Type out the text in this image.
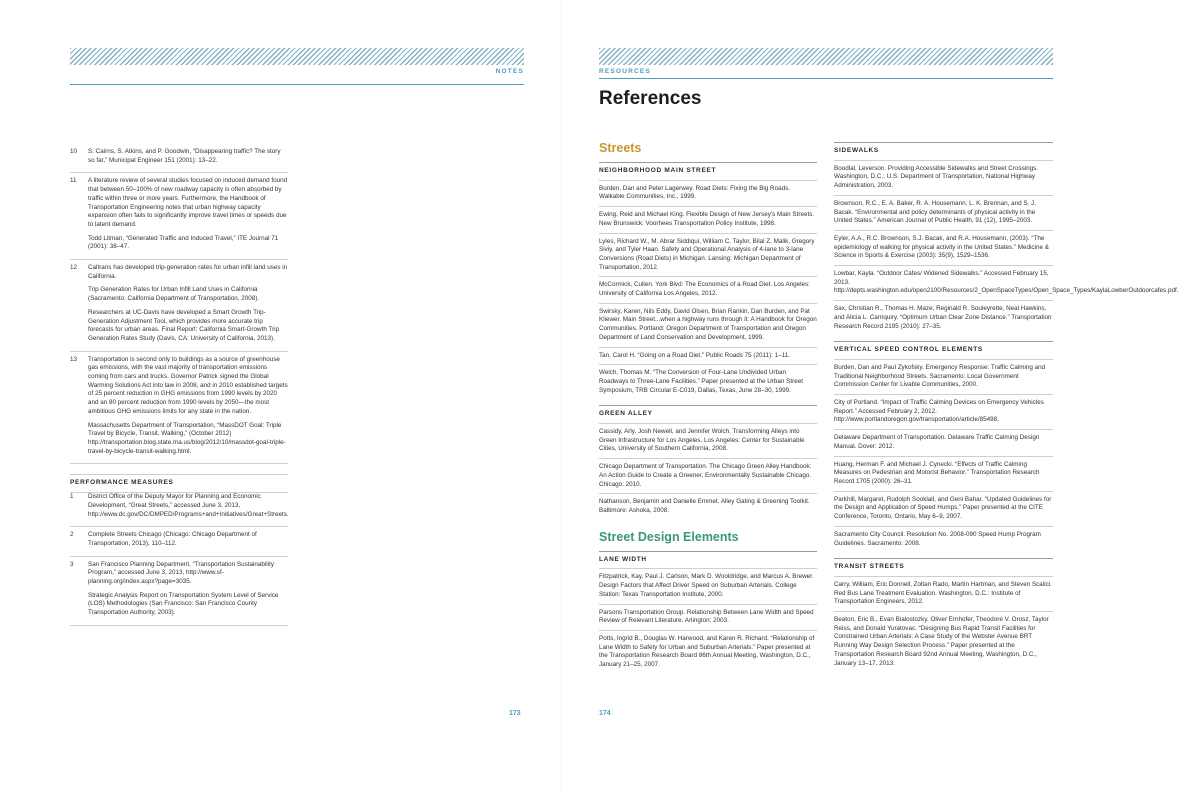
NOTES
10	S. Cairns, S. Atkins, and P. Goodwin, “Disappearing traffic? The story so far,” Municipal Engineer 151 (2001): 13–22.

11	A literature review of several studies focused on induced demand found that between 50–100% of new roadway capacity is often absorbed by traffic within three or more years. Furthermore, the Handbook of Transportation Engineering notes that urban highway capacity expansion often fails to significantly improve travel times or speeds due to latent demand.

Todd Litman, “Generated Traffic and Induced Travel,” ITE Journal 71 (2001): 38–47.

12	Caltrans has developed trip-generation rates for urban infill land uses in California.

Trip Generation Rates for Urban Infill Land Uses in California (Sacramento: California Department of Transportation, 2008).

Researchers at UC-Davis have developed a Smart Growth Trip-Generation Adjustment Tool, which provides more accurate trip forecasts for urban areas. Final Report: California Smart-Growth Trip Generation Rates Study (Davis, CA: University of California, 2013).

13	Transportation is second only to buildings as a source of greenhouse gas emissions, with the vast majority of transportation emissions coming from cars and trucks. Governor Patrick signed the Global Warming Solutions Act into law in 2008, and in 2010 established targets of 25 percent reduction in GHG emissions from 1990 levels by 2020 and an 80 percent reduction from 1990 levels by 2050—the most ambitious GHG emissions limits for any state in the nation.

Massachusetts Department of Transportation, “MassDOT Goal: Triple Travel by Bicycle, Transit, Walking,” (October 2012) http://transportation.blog.state.ma.us/blog/2012/10/massdot-goal-triple-travel-by-bicycle-transit-walking.html.

PERFORMANCE MEASURES
1	District Office of the Deputy Mayor for Planning and Economic Development, “Great Streets,” accessed June 3, 2013, http://www.dc.gov/DC/DMPED/Programs+and+Initiatives/Great+Streets.

2	Complete Streets Chicago (Chicago: Chicago Department of Transportation, 2013), 110–112.

3	San Francisco Planning Department, “Transportation Sustainability Program,” accessed June 3, 2013, http://www.sf-planning.org/index.aspx?page=3035.

Strategic Analysis Report on Transportation System Level of Service (LOS) Methodologies (San Francisco: San Francisco County Transportation Authority, 2003).

173
RESOURCES
References
Streets
NEIGHBORHOOD MAIN STREET
Burden, Dan and Peter Lagerwey. Road Diets: Fixing the Big Roads. Walkable Communities, Inc., 1999.
Ewing, Reid and Michael King. Flexible Design of New Jersey’s Main Streets. New Brunswick: Voorhees Transportation Policy Institute, 1998.
Lyles, Richard W., M. Abrar Siddiqui, William C. Taylor, Bilal Z. Malik, Gregory Siviy, and Tyler Haan. Safety and Operational Analysis of 4-lane to 3-lane Conversions (Road Diets) in Michigan. Lansing: Michigan Department of Transportation, 2012.
McCormick, Cullen. York Blvd: The Economics of a Road Diet. Los Angeles: University of California Los Angeles, 2012.
Swirsky, Karen, Nils Eddy, David Olsen, Brian Rankin, Dan Burden, and Pat Kliewer. Main Street...when a highway runs through it: A Handbook for Oregon Communities. Portland: Oregon Department of Transportation and Oregon Department of Land Conservation and Development, 1999.
Tan, Carol H. “Going on a Road Diet.” Public Roads 75 (2011): 1–11.
Welch, Thomas M. “The Conversion of Four-Lane Undivided Urban Roadways to Three-Lane Facilities.” Paper presented at the Urban Street Symposium, TRB Circular E-C019, Dallas, Texas, June 28–30, 1999.
GREEN ALLEY
Cassidy, Arly, Josh Newell, and Jennifer Wolch. Transforming Alleys into Green Infrastructure for Los Angeles. Los Angeles: Center for Sustainable Cities, University of Southern California, 2008.
Chicago Department of Transportation. The Chicago Green Alley Handbook: An Action Guide to Create a Greener, Environmentally Sustainable Chicago. Chicago: 2010.
Nathanson, Benjamin and Danielle Emmet. Alley Gating & Greening Toolkit. Baltimore: Ashoka, 2008.
Street Design Elements
LANE WIDTH
Fitzpatrick, Kay, Paul J. Carlson, Mark D. Wooldridge, and Marcus A. Brewer. Design Factors that Affect Driver Speed on Suburban Arterials. College Station: Texas Transportation Institute, 2000.
Parsons Transportation Group. Relationship Between Lane Width and Speed Review of Relevant Literature. Arlington: 2003.
Potts, Ingrid B., Douglas W. Harwood, and Karen R. Richard. “Relationship of Lane Width to Safety for Urban and Suburban Arterials.” Paper presented at the Transportation Research Board 86th Annual Meeting, Washington, D.C., January 21–25, 2007.
SIDEWALKS
Boodlal, Leverson. Providing Accessible Sidewalks and Street Crossings. Washington, D.C.: U.S. Department of Transportation, National Highway Administration, 2003.
Brownson, R.C., E. A. Baker, R. A. Housemann, L. K. Brennan, and S. J. Bacak. “Environmental and policy determinants of physical activity in the United States.” American Journal of Public Health, 91 (12), 1995–2003.
Eyler, A.A., R.C. Brownson, S.J. Bacak, and R.A. Housemann, (2003). “The epidemiology of walking for physical activity in the United States.” Medicine & Science in Sports & Exercise (2003): 35(9), 1529–1536.
Lowbar, Kayla. “Outdoor Cafes/ Widened Sidewalks.” Accessed February 15, 2013. http://depts.washington.edu/open2100/Resources/2_OpenSpaceTypes/Open_Space_Types/KaylaLowberOutdoorcafes.pdf.
Sax, Christian R., Thomas H. Maze, Reginald R. Souleyrette, Neal Hawkins, and Alicia L. Carriquiry. “Optimum Urban Clear Zone Distance.” Transportation Research Record 2195 (2010): 27–35.
VERTICAL SPEED CONTROL ELEMENTS
Burden, Dan and Paul Zykofsky. Emergency Response: Traffic Calming and Traditional Neighborhood Streets. Sacramento: Local Government Commission Center for Livable Communities, 2000.
City of Portland. “Impact of Traffic Calming Devices on Emergency Vehicles Report.” Accessed February 2, 2012. http://www.portlandoregon.gov/transportation/article/85498.
Delaware Department of Transportation. Delaware Traffic Calming Design Manual. Dover: 2012.
Huang, Herman F. and Michael J. Cynecki. “Effects of Traffic Calming Measures on Pedestrian and Motorist Behavior.” Transportation Research Record 1705 (2000): 26–31.
Parkhill, Margaret, Rudolph Sooklall, and Geni Bahar. “Updated Guidelines for the Design and Application of Speed Humps.” Paper presented at the CITE Conference, Toronto, Ontario, May 6–9, 2007.
Sacramento City Council. Resolution No. 2008-090 Speed Hump Program Guidelines. Sacramento: 2008.
TRANSIT STREETS
Carry, William, Eric Donnell, Zoltan Rado, Martin Hartman, and Steven Scalici. Red Bus Lane Treatment Evaluation. Washington, D.C.: Institute of Transportation Engineers, 2012.
Beaton, Eric B., Evan Bialostozky, Oliver Ernhofer, Theodore V. Orosz, Taylor Reiss, and Donald Yuratovac. “Designing Bus Rapid Transit Facilities for Constrained Urban Arterials: A Case Study of the Webster Avenue BRT Running Way Design Selection Process.” Paper presented at the Transportation Research Board 92nd Annual Meeting, Washington, D.C., January 13–17, 2013.
174
